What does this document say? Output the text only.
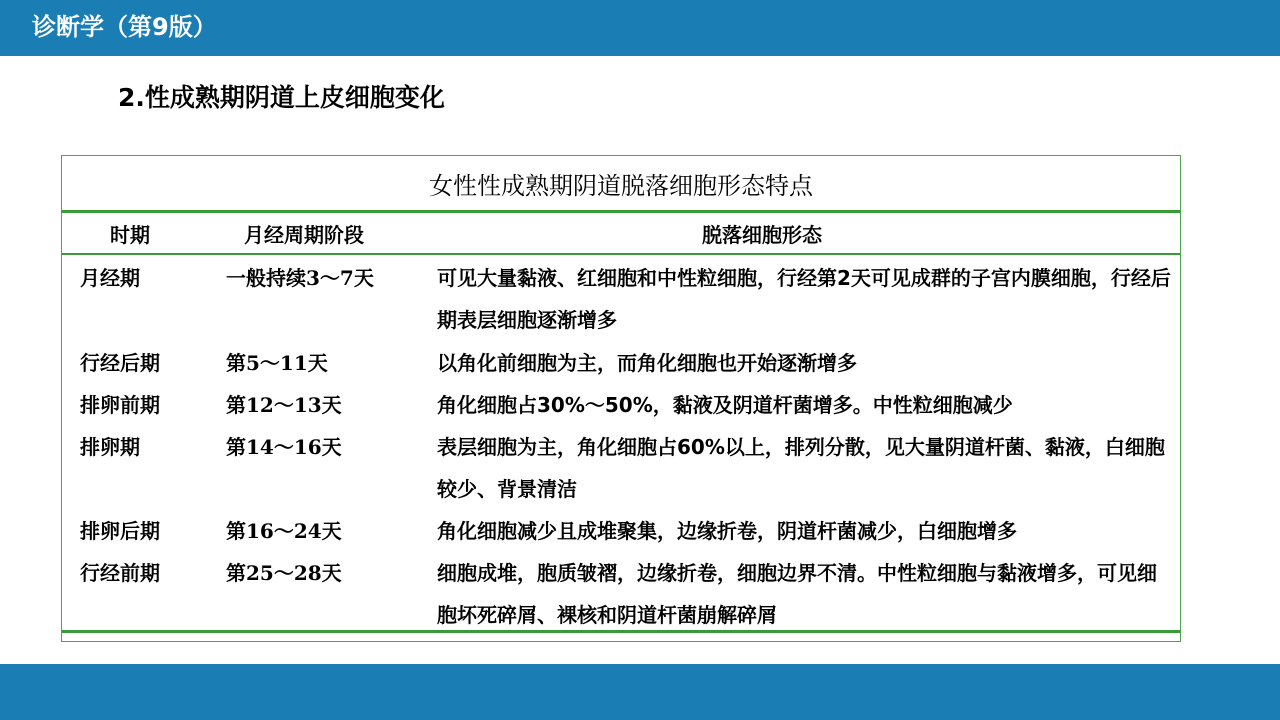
诊断学（第9版）
2.性成熟期阴道上皮细胞变化
女性性成熟期阴道脱落细胞形态特点
时期	月经周期阶段	脱落细胞形态
月经期	一般持续3～7天	可见大量黏液、红细胞和中性粒细胞，行经第2天可见成群的子宫内膜细胞，行经后期表层细胞逐渐增多
行经后期	第5～11天	以角化前细胞为主，而角化细胞也开始逐渐增多
排卵前期	第12～13天	角化细胞占30%～50%，黏液及阴道杆菌增多。中性粒细胞减少
排卵期	第14～16天	表层细胞为主，角化细胞占60%以上，排列分散，见大量阴道杆菌、黏液，白细胞较少、背景清洁
排卵后期	第16～24天	角化细胞减少且成堆聚集，边缘折卷，阴道杆菌减少，白细胞增多
行经前期	第25～28天	细胞成堆，胞质皱褶，边缘折卷，细胞边界不清。中性粒细胞与黏液增多，可见细胞坏死碎屑、裸核和阴道杆菌崩解碎屑
